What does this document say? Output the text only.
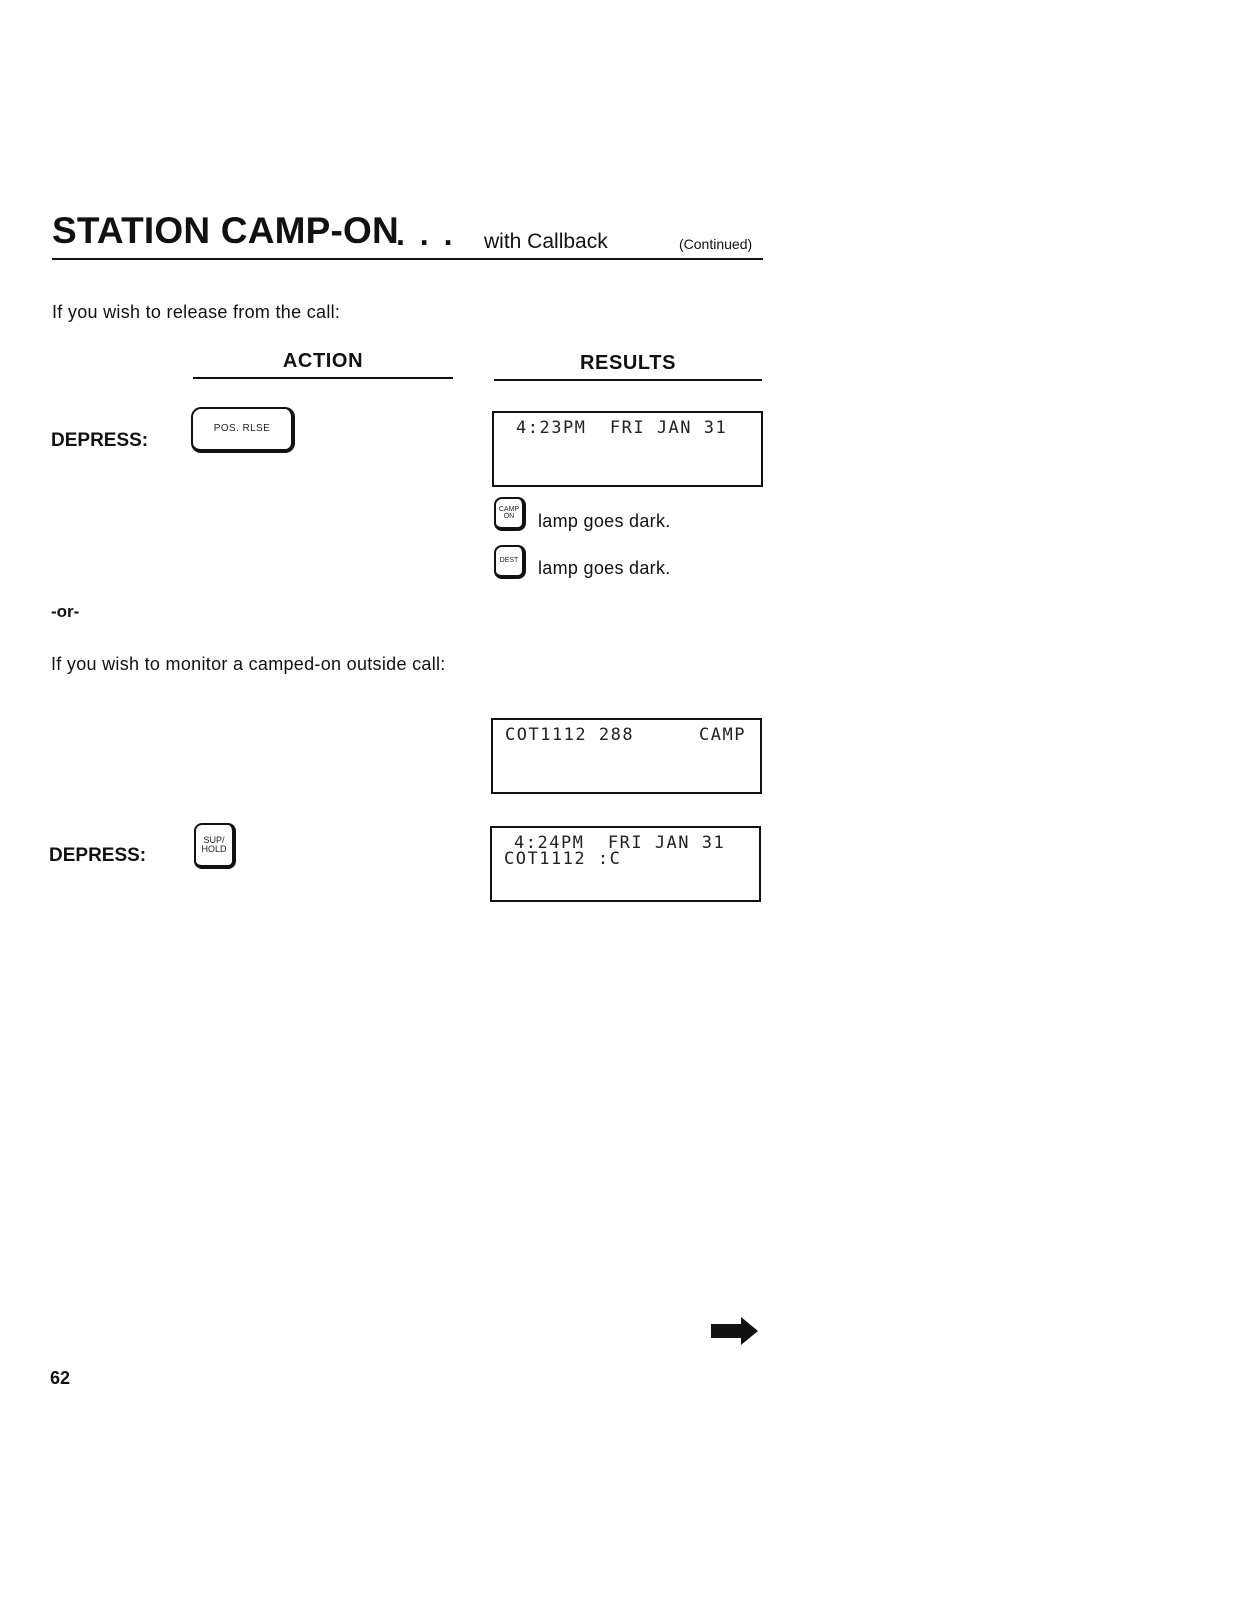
STATION CAMP-ON
. . . with Callback	(Continued)
If you wish to release from the call:
ACTION	RESULTS
DEPRESS:
POS. RLSE	4:23PM  FRI JAN 31
CAMP
ON lamp goes dark.
DEST lamp goes dark.
-or-
If you wish to monitor a camped-on outside call:
COT1112 288	CAMP
DEPRESS:
SUP/
HOLD	4:24PM  FRI JAN 31
COT1112 :C
62
